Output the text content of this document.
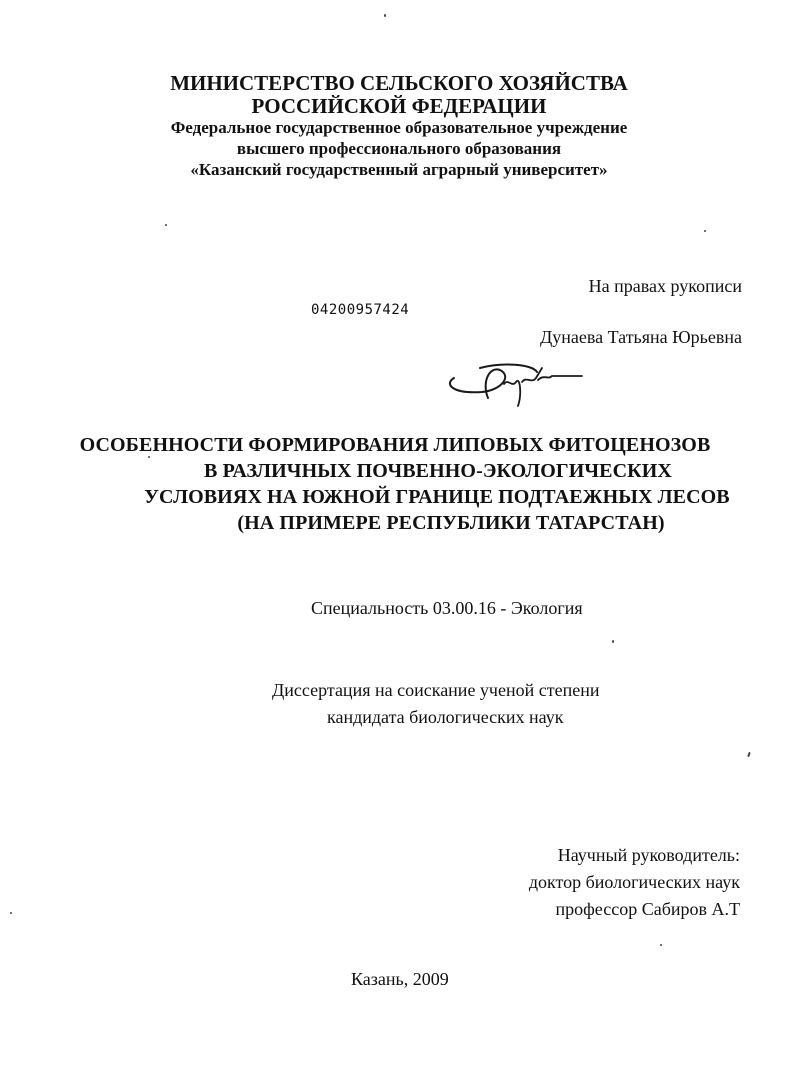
МИНИСТЕРСТВО СЕЛЬСКОГО ХОЗЯЙСТВА
РОССИЙСКОЙ ФЕДЕРАЦИИ
Федеральное государственное образовательное учреждение
высшего профессионального образования
«Казанский государственный аграрный университет»
На правах рукописи
04200957424
Дунаева Татьяна Юрьевна
ОСОБЕННОСТИ ФОРМИРОВАНИЯ ЛИПОВЫХ ФИТОЦЕНОЗОВ
В РАЗЛИЧНЫХ ПОЧВЕННО-ЭКОЛОГИЧЕСКИХ
УСЛОВИЯХ НА ЮЖНОЙ ГРАНИЦЕ ПОДТАЕЖНЫХ ЛЕСОВ
(НА ПРИМЕРЕ РЕСПУБЛИКИ ТАТАРСТАН)
Специальность 03.00.16 - Экология
Диссертация на соискание ученой степени
кандидата биологических наук
Научный руководитель:
доктор биологических наук
профессор Сабиров А.Т
Казань, 2009
